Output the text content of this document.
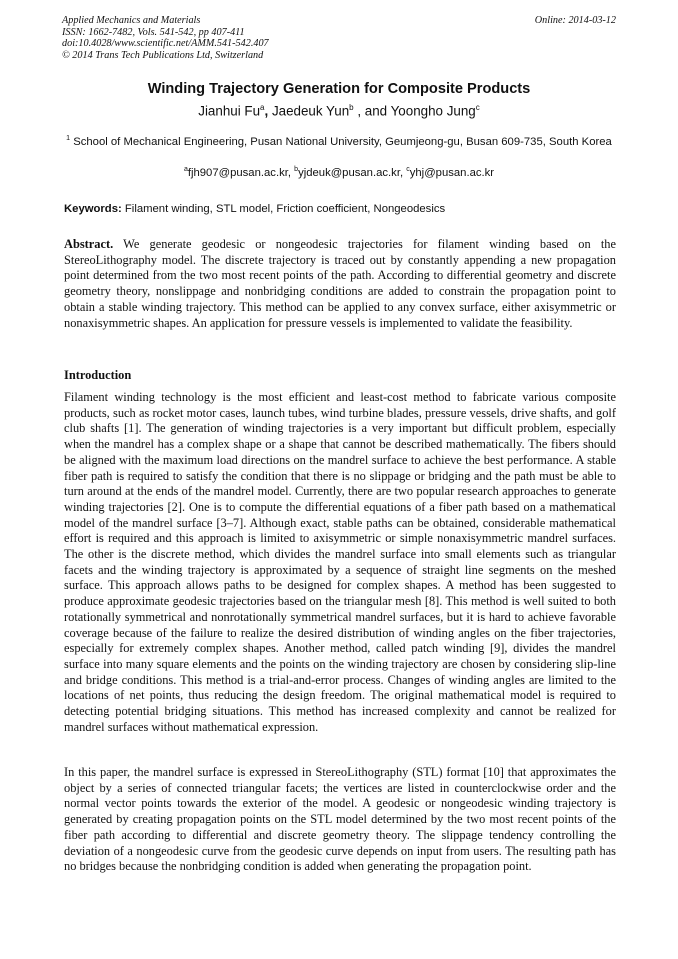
Applied Mechanics and Materials
ISSN: 1662-7482, Vols. 541-542, pp 407-411
doi:10.4028/www.scientific.net/AMM.541-542.407
© 2014 Trans Tech Publications Ltd, Switzerland
Online: 2014-03-12
Winding Trajectory Generation for Composite Products
Jianhui Fu$^a$, Jaedeuk Yun$^b$ , and Yoongho Jung$^c$
$^1$ School of Mechanical Engineering, Pusan National University, Geumjeong-gu, Busan 609-735, South Korea
$^a$fjh907@pusan.ac.kr, $^b$yjdeuk@pusan.ac.kr, $^c$yhj@pusan.ac.kr
Keywords: Filament winding, STL model, Friction coefficient, Nongeodesics
Abstract. We generate geodesic or nongeodesic trajectories for filament winding based on the StereoLithography model. The discrete trajectory is traced out by constantly appending a new propagation point determined from the two most recent points of the path. According to differential geometry and discrete geometry theory, nonslippage and nonbridging conditions are added to constrain the propagation point to obtain a stable winding trajectory. This method can be applied to any convex surface, either axisymmetric or nonaxisymmetric shapes. An application for pressure vessels is implemented to validate the feasibility.
Introduction

Filament winding technology is the most efficient and least-cost method to fabricate various composite products, such as rocket motor cases, launch tubes, wind turbine blades, pressure vessels, drive shafts, and golf club shafts [1]. The generation of winding trajectories is a very important but difficult problem, especially when the mandrel has a complex shape or a shape that cannot be described mathematically. The fibers should be aligned with the maximum load directions on the mandrel surface to achieve the best performance. A stable fiber path is required to satisfy the condition that there is no slippage or bridging and the path must be able to turn around at the ends of the mandrel model. Currently, there are two popular research approaches to generate winding trajectories [2]. One is to compute the differential equations of a fiber path based on a mathematical model of the mandrel surface [3–7]. Although exact, stable paths can be obtained, considerable mathematical effort is required and this approach is limited to axisymmetric or simple nonaxisymmetric mandrel surfaces. The other is the discrete method, which divides the mandrel surface into small elements such as triangular facets and the winding trajectory is approximated by a sequence of straight line segments on the meshed surface. This approach allows paths to be designed for complex shapes. A method has been suggested to produce approximate geodesic trajectories based on the triangular mesh [8]. This method is well suited to both rotationally symmetrical and nonrotationally symmetrical mandrel surfaces, but it is hard to achieve favorable coverage because of the failure to realize the desired distribution of winding angles on the fiber trajectories, especially for extremely complex shapes. Another method, called patch winding [9], divides the mandrel surface into many square elements and the points on the winding trajectory are chosen by considering slip-line and bridge conditions. This method is a trial-and-error process. Changes of winding angles are limited to the locations of net points, thus reducing the design freedom. The original mathematical model is required to detecting potential bridging situations. This method has increased complexity and cannot be realized for mandrel surfaces without mathematical expression.

In this paper, the mandrel surface is expressed in StereoLithography (STL) format [10] that approximates the object by a series of connected triangular facets; the vertices are listed in counterclockwise order and the normal vector points towards the exterior of the model. A geodesic or nongeodesic winding trajectory is generated by creating propagation points on the STL model determined by the two most recent points of the fiber path according to differential and discrete geometry theory. The slippage tendency controlling the deviation of a nongeodesic curve from the geodesic curve depends on input from users. The resulting path has no bridges because the nonbridging condition is added when generating the propagation point.
